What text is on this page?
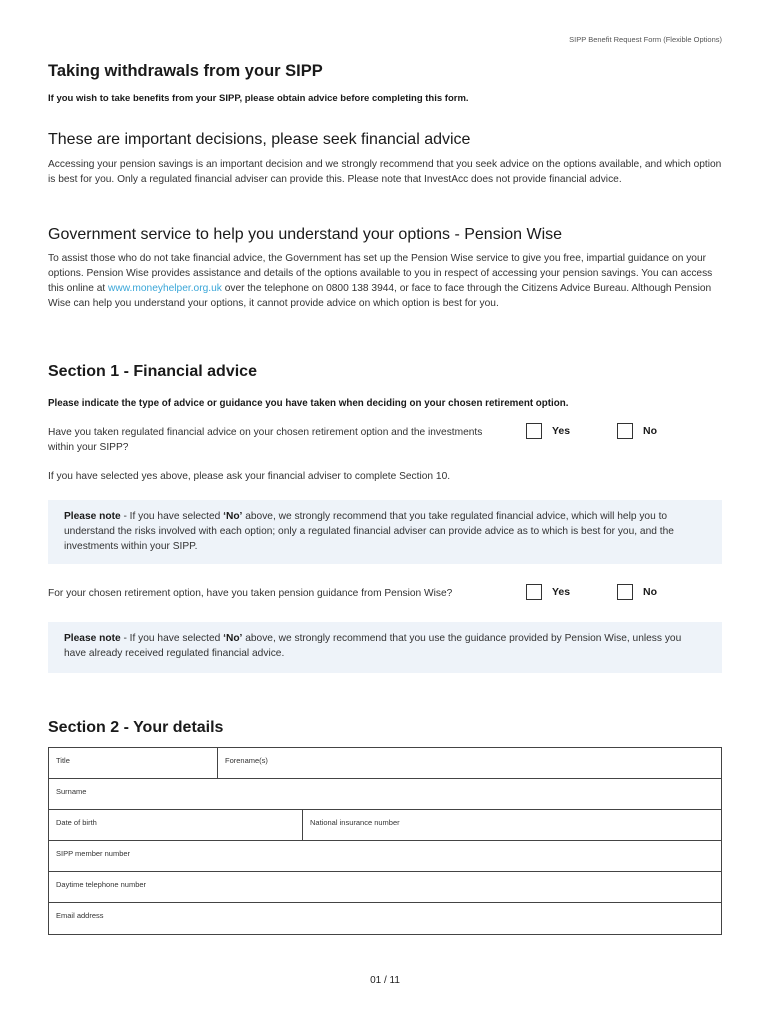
SIPP Benefit Request Form (Flexible Options)
Taking withdrawals from your SIPP
If you wish to take benefits from your SIPP, please obtain advice before completing this form.
These are important decisions, please seek financial advice
Accessing your pension savings is an important decision and we strongly recommend that you seek advice on the options available, and which option is best for you. Only a regulated financial adviser can provide this. Please note that InvestAcc does not provide financial advice.
Government service to help you understand your options - Pension Wise
To assist those who do not take financial advice, the Government has set up the Pension Wise service to give you free, impartial guidance on your options. Pension Wise provides assistance and details of the options available to you in respect of accessing your pension savings. You can access this online at www.moneyhelper.org.uk over the telephone on 0800 138 3944, or face to face through the Citizens Advice Bureau. Although Pension Wise can help you understand your options, it cannot provide advice on which option is best for you.
Section 1 - Financial advice
Please indicate the type of advice or guidance you have taken when deciding on your chosen retirement option.
Have you taken regulated financial advice on your chosen retirement option and the investments within your SIPP?
Yes	No
If you have selected yes above, please ask your financial adviser to complete Section 10.
Please note - If you have selected ‘No’ above, we strongly recommend that you take regulated financial advice, which will help you to understand the risks involved with each option; only a regulated financial adviser can provide advice as to which is best for you, and the investments within your SIPP.
For your chosen retirement option, have you taken pension guidance from Pension Wise?	Yes	No
Please note - If you have selected ‘No’ above, we strongly recommend that you use the guidance provided by Pension Wise, unless you have already received regulated financial advice.
Section 2 - Your details
Title	Forename(s)
Surname
Date of birth	National insurance number
SIPP member number
Daytime telephone number
Email address
01 / 11
